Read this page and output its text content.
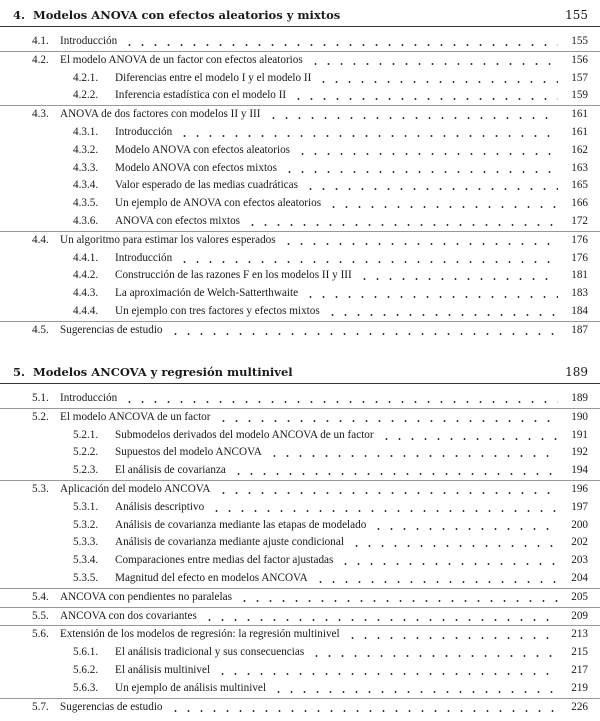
4. Modelos ANOVA con efectos aleatorios y mixtos	155
4.1. Introducción	155
4.2. El modelo ANOVA de un factor con efectos aleatorios	156
4.2.1. Diferencias entre el modelo I y el modelo II	157
4.2.2. Inferencia estadística con el modelo II	159
4.3. ANOVA de dos factores con modelos II y III	161
4.3.1. Introducción	161
4.3.2. Modelo ANOVA con efectos aleatorios	162
4.3.3. Modelo ANOVA con efectos mixtos	163
4.3.4. Valor esperado de las medias cuadráticas	165
4.3.5. Un ejemplo de ANOVA con efectos aleatorios	166
4.3.6. ANOVA con efectos mixtos	172
4.4. Un algoritmo para estimar los valores esperados	176
4.4.1. Introducción	176
4.4.2. Construcción de las razones F en los modelos II y III	181
4.4.3. La aproximación de Welch-Satterthwaite	183
4.4.4. Un ejemplo con tres factores y efectos mixtos	184
4.5. Sugerencias de estudio	187
5. Modelos ANCOVA y regresión multinivel	189
5.1. Introducción	189
5.2. El modelo ANCOVA de un factor	190
5.2.1. Submodelos derivados del modelo ANCOVA de un factor	191
5.2.2. Supuestos del modelo ANCOVA	192
5.2.3. El análisis de covarianza	194
5.3. Aplicación del modelo ANCOVA	196
5.3.1. Análisis descriptivo	197
5.3.2. Análisis de covarianza mediante las etapas de modelado	200
5.3.3. Análisis de covarianza mediante ajuste condicional	202
5.3.4. Comparaciones entre medias del factor ajustadas	203
5.3.5. Magnitud del efecto en modelos ANCOVA	204
5.4. ANCOVA con pendientes no paralelas	205
5.5. ANCOVA con dos covariantes	209
5.6. Extensión de los modelos de regresión: la regresión multinivel	213
5.6.1. El análisis tradicional y sus consecuencias	215
5.6.2. El análisis multinivel	217
5.6.3. Un ejemplo de análisis multinivel	219
5.7. Sugerencias de estudio	226
